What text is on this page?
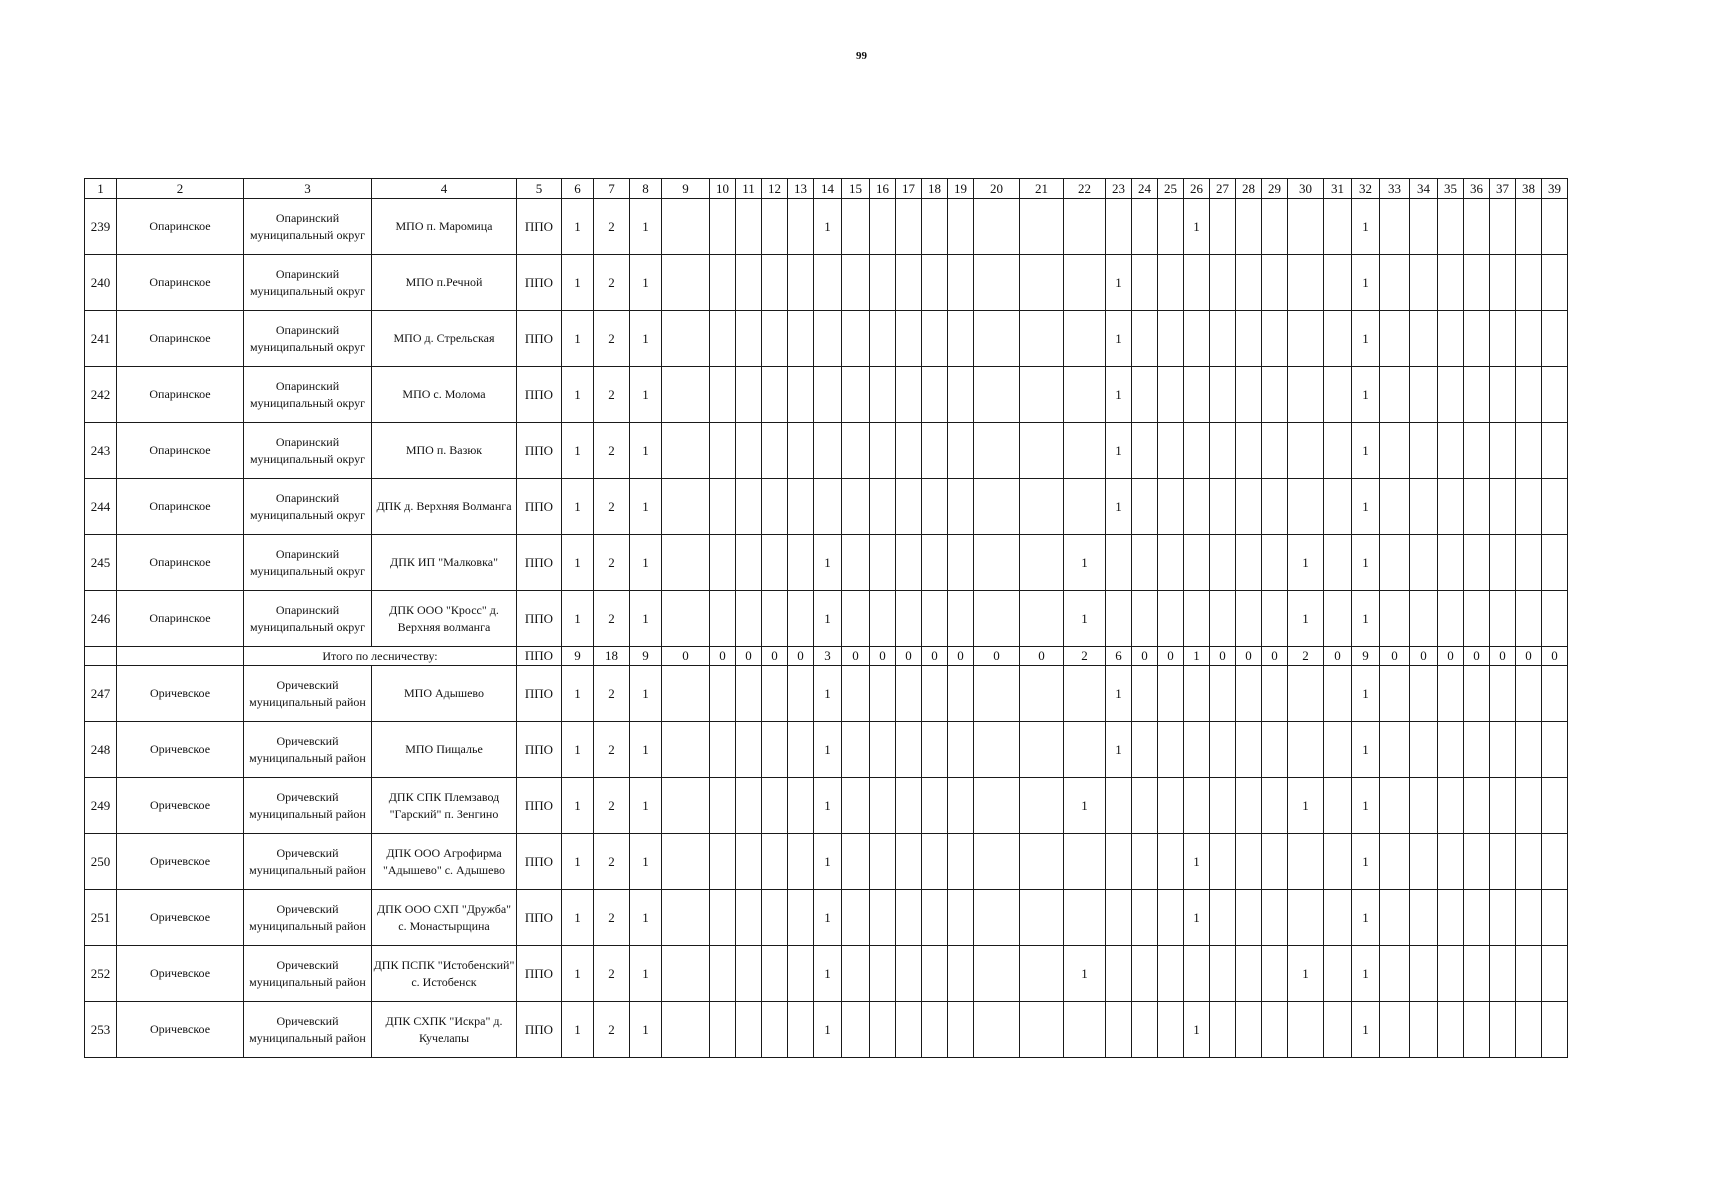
99
1	2	3	4	5	6	7	8	9	10	11	12	13	14	15	16	17	18	19	20	21	22	23	24	25	26	27	28	29	30	31	32	33	34	35	36	37	38	39
239	Опаринское	Опаринский муниципальный округ	МПО п. Маромица	ППО	1	2	1						1												1						1							
240	Опаринское	Опаринский муниципальный округ	МПО п.Речной	ППО	1	2	1															1									1							
241	Опаринское	Опаринский муниципальный округ	МПО д. Стрельская	ППО	1	2	1															1									1							
242	Опаринское	Опаринский муниципальный округ	МПО с. Молома	ППО	1	2	1															1									1							
243	Опаринское	Опаринский муниципальный округ	МПО п. Вазюк	ППО	1	2	1															1									1							
244	Опаринское	Опаринский муниципальный округ	ДПК д. Верхняя Волманга	ППО	1	2	1															1									1							
245	Опаринское	Опаринский муниципальный округ	ДПК ИП "Малковка"	ППО	1	2	1						1								1								1		1							
246	Опаринское	Опаринский муниципальный округ	ДПК ООО "Кросс" д. Верхняя волманга	ППО	1	2	1						1								1								1		1							
		Итого по лесничеству:		ППО	9	18	9	0	0	0	0	0	3	0	0	0	0	0	0	0	2	6	0	0	1	0	0	0	2	0	9	0	0	0	0	0	0	0
247	Оричевское	Оричевский муниципальный район	МПО Адышево	ППО	1	2	1						1									1									1							
248	Оричевское	Оричевский муниципальный район	МПО Пищалье	ППО	1	2	1						1									1									1							
249	Оричевское	Оричевский муниципальный район	ДПК СПК Племзавод "Гарский" п. Зенгино	ППО	1	2	1						1								1								1		1							
250	Оричевское	Оричевский муниципальный район	ДПК ООО Агрофирма "Адышево" с. Адышево	ППО	1	2	1						1												1						1							
251	Оричевское	Оричевский муниципальный район	ДПК ООО СХП "Дружба" с. Монастырщина	ППО	1	2	1						1												1						1							
252	Оричевское	Оричевский муниципальный район	ДПК ПСПК "Истобенский" с. Истобенск	ППО	1	2	1						1								1								1		1							
253	Оричевское	Оричевский муниципальный район	ДПК СХПК "Искра" д. Кучелапы	ППО	1	2	1						1												1						1							
